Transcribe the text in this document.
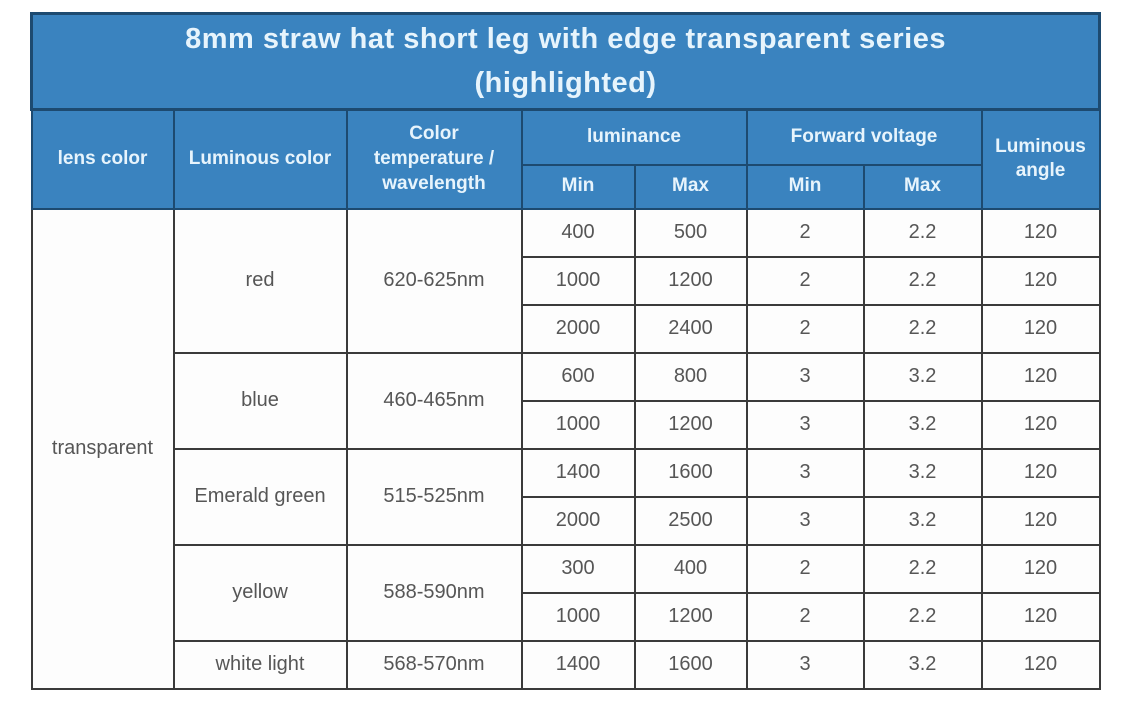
8mm straw hat short leg with edge transparent series
(highlighted)							

lens color	Luminous color	Color temperature / wavelength	luminance		Forward voltage		Luminous angle
			Min	Max	Min	Max	
transparent	red	620-625nm	400	500	2	2.2	120
			1000	1200	2	2.2	120
			2000	2400	2	2.2	120
	blue	460-465nm	600	800	3	3.2	120
			1000	1200	3	3.2	120
	Emerald green	515-525nm	1400	1600	3	3.2	120
			2000	2500	3	3.2	120
	yellow	588-590nm	300	400	2	2.2	120
			1000	1200	2	2.2	120
	white light	568-570nm	1400	1600	3	3.2	120
